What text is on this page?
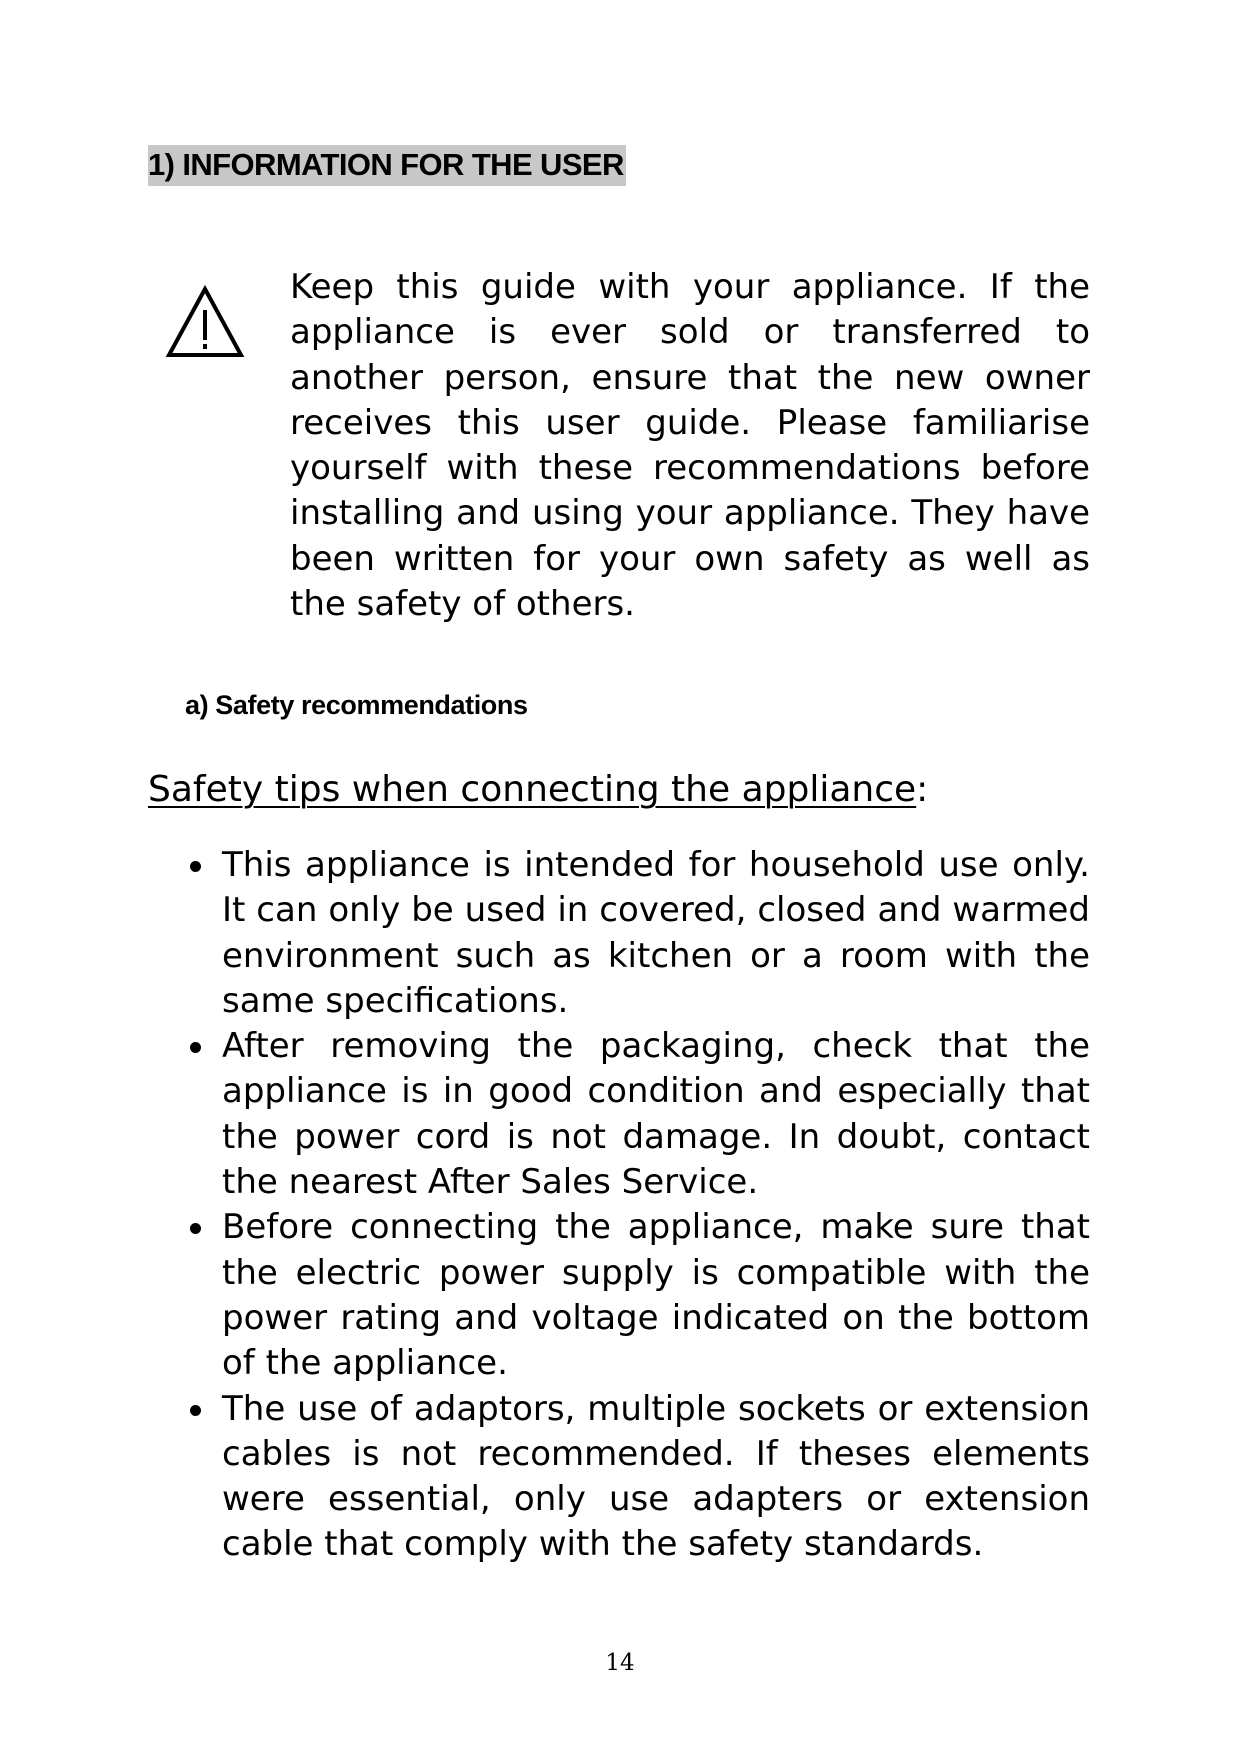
1) INFORMATION FOR THE USER

Keep this guide with your appliance. If the appliance is ever sold or transferred to another person, ensure that the new owner receives this user guide. Please familiarise yourself with these recommendations before installing and using your appliance. They have been written for your own safety as well as the safety of others.

a) Safety recommendations
Safety tips when connecting the appliance:
This appliance is intended for household use only. It can only be used in covered, closed and warmed environment such as kitchen or a room with the same specifications.
After removing the packaging, check that the appliance is in good condition and especially that the power cord is not damage. In doubt, contact the nearest After Sales Service.
Before connecting the appliance, make sure that the electric power supply is compatible with the power rating and voltage indicated on the bottom of the appliance.
The use of adaptors, multiple sockets or extension cables is not recommended. If theses elements were essential, only use adapters or extension cable that comply with the safety standards.
14
